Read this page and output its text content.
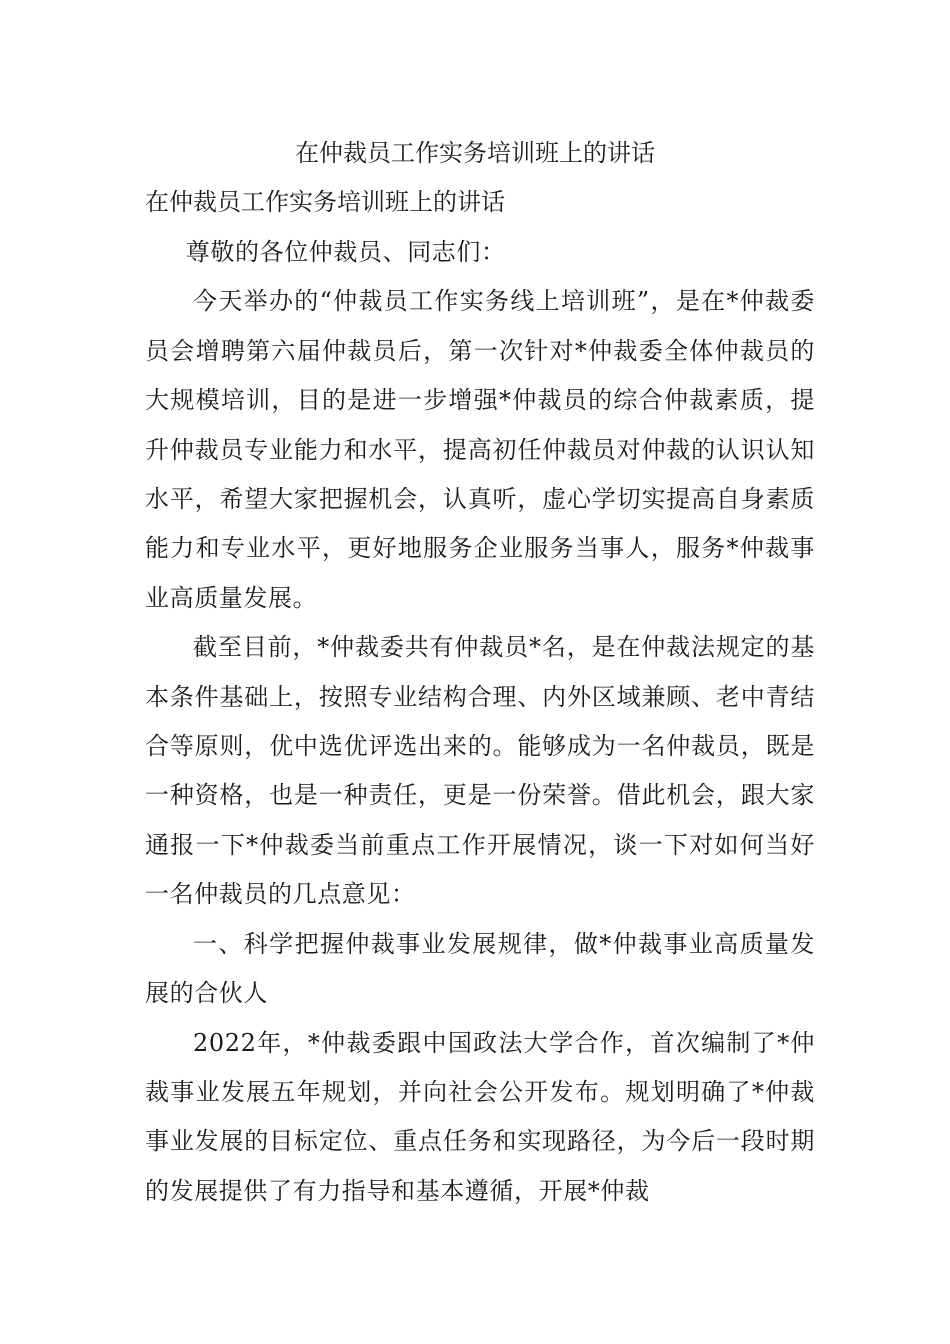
在仲裁员工作实务培训班上的讲话
在仲裁员工作实务培训班上的讲话

尊敬的各位仲裁员、同志们：

今天举办的“仲裁员工作实务线上培训班”，是在*仲裁委员会增聘第六届仲裁员后，第一次针对*仲裁委全体仲裁员的大规模培训，目的是进一步增强*仲裁员的综合仲裁素质，提升仲裁员专业能力和水平，提高初任仲裁员对仲裁的认识认知水平，希望大家把握机会，认真听，虚心学切实提高自身素质能力和专业水平，更好地服务企业服务当事人，服务*仲裁事业高质量发展。

截至目前，*仲裁委共有仲裁员*名，是在仲裁法规定的基本条件基础上，按照专业结构合理、内外区域兼顾、老中青结合等原则，优中选优评选出来的。能够成为一名仲裁员，既是一种资格，也是一种责任，更是一份荣誉。借此机会，跟大家通报一下*仲裁委当前重点工作开展情况，谈一下对如何当好一名仲裁员的几点意见：

一、科学把握仲裁事业发展规律，做*仲裁事业高质量发展的合伙人

2022年，*仲裁委跟中国政法大学合作，首次编制了*仲裁事业发展五年规划，并向社会公开发布。规划明确了*仲裁事业发展的目标定位、重点任务和实现路径，为今后一段时期的发展提供了有力指导和基本遵循，开展*仲裁
